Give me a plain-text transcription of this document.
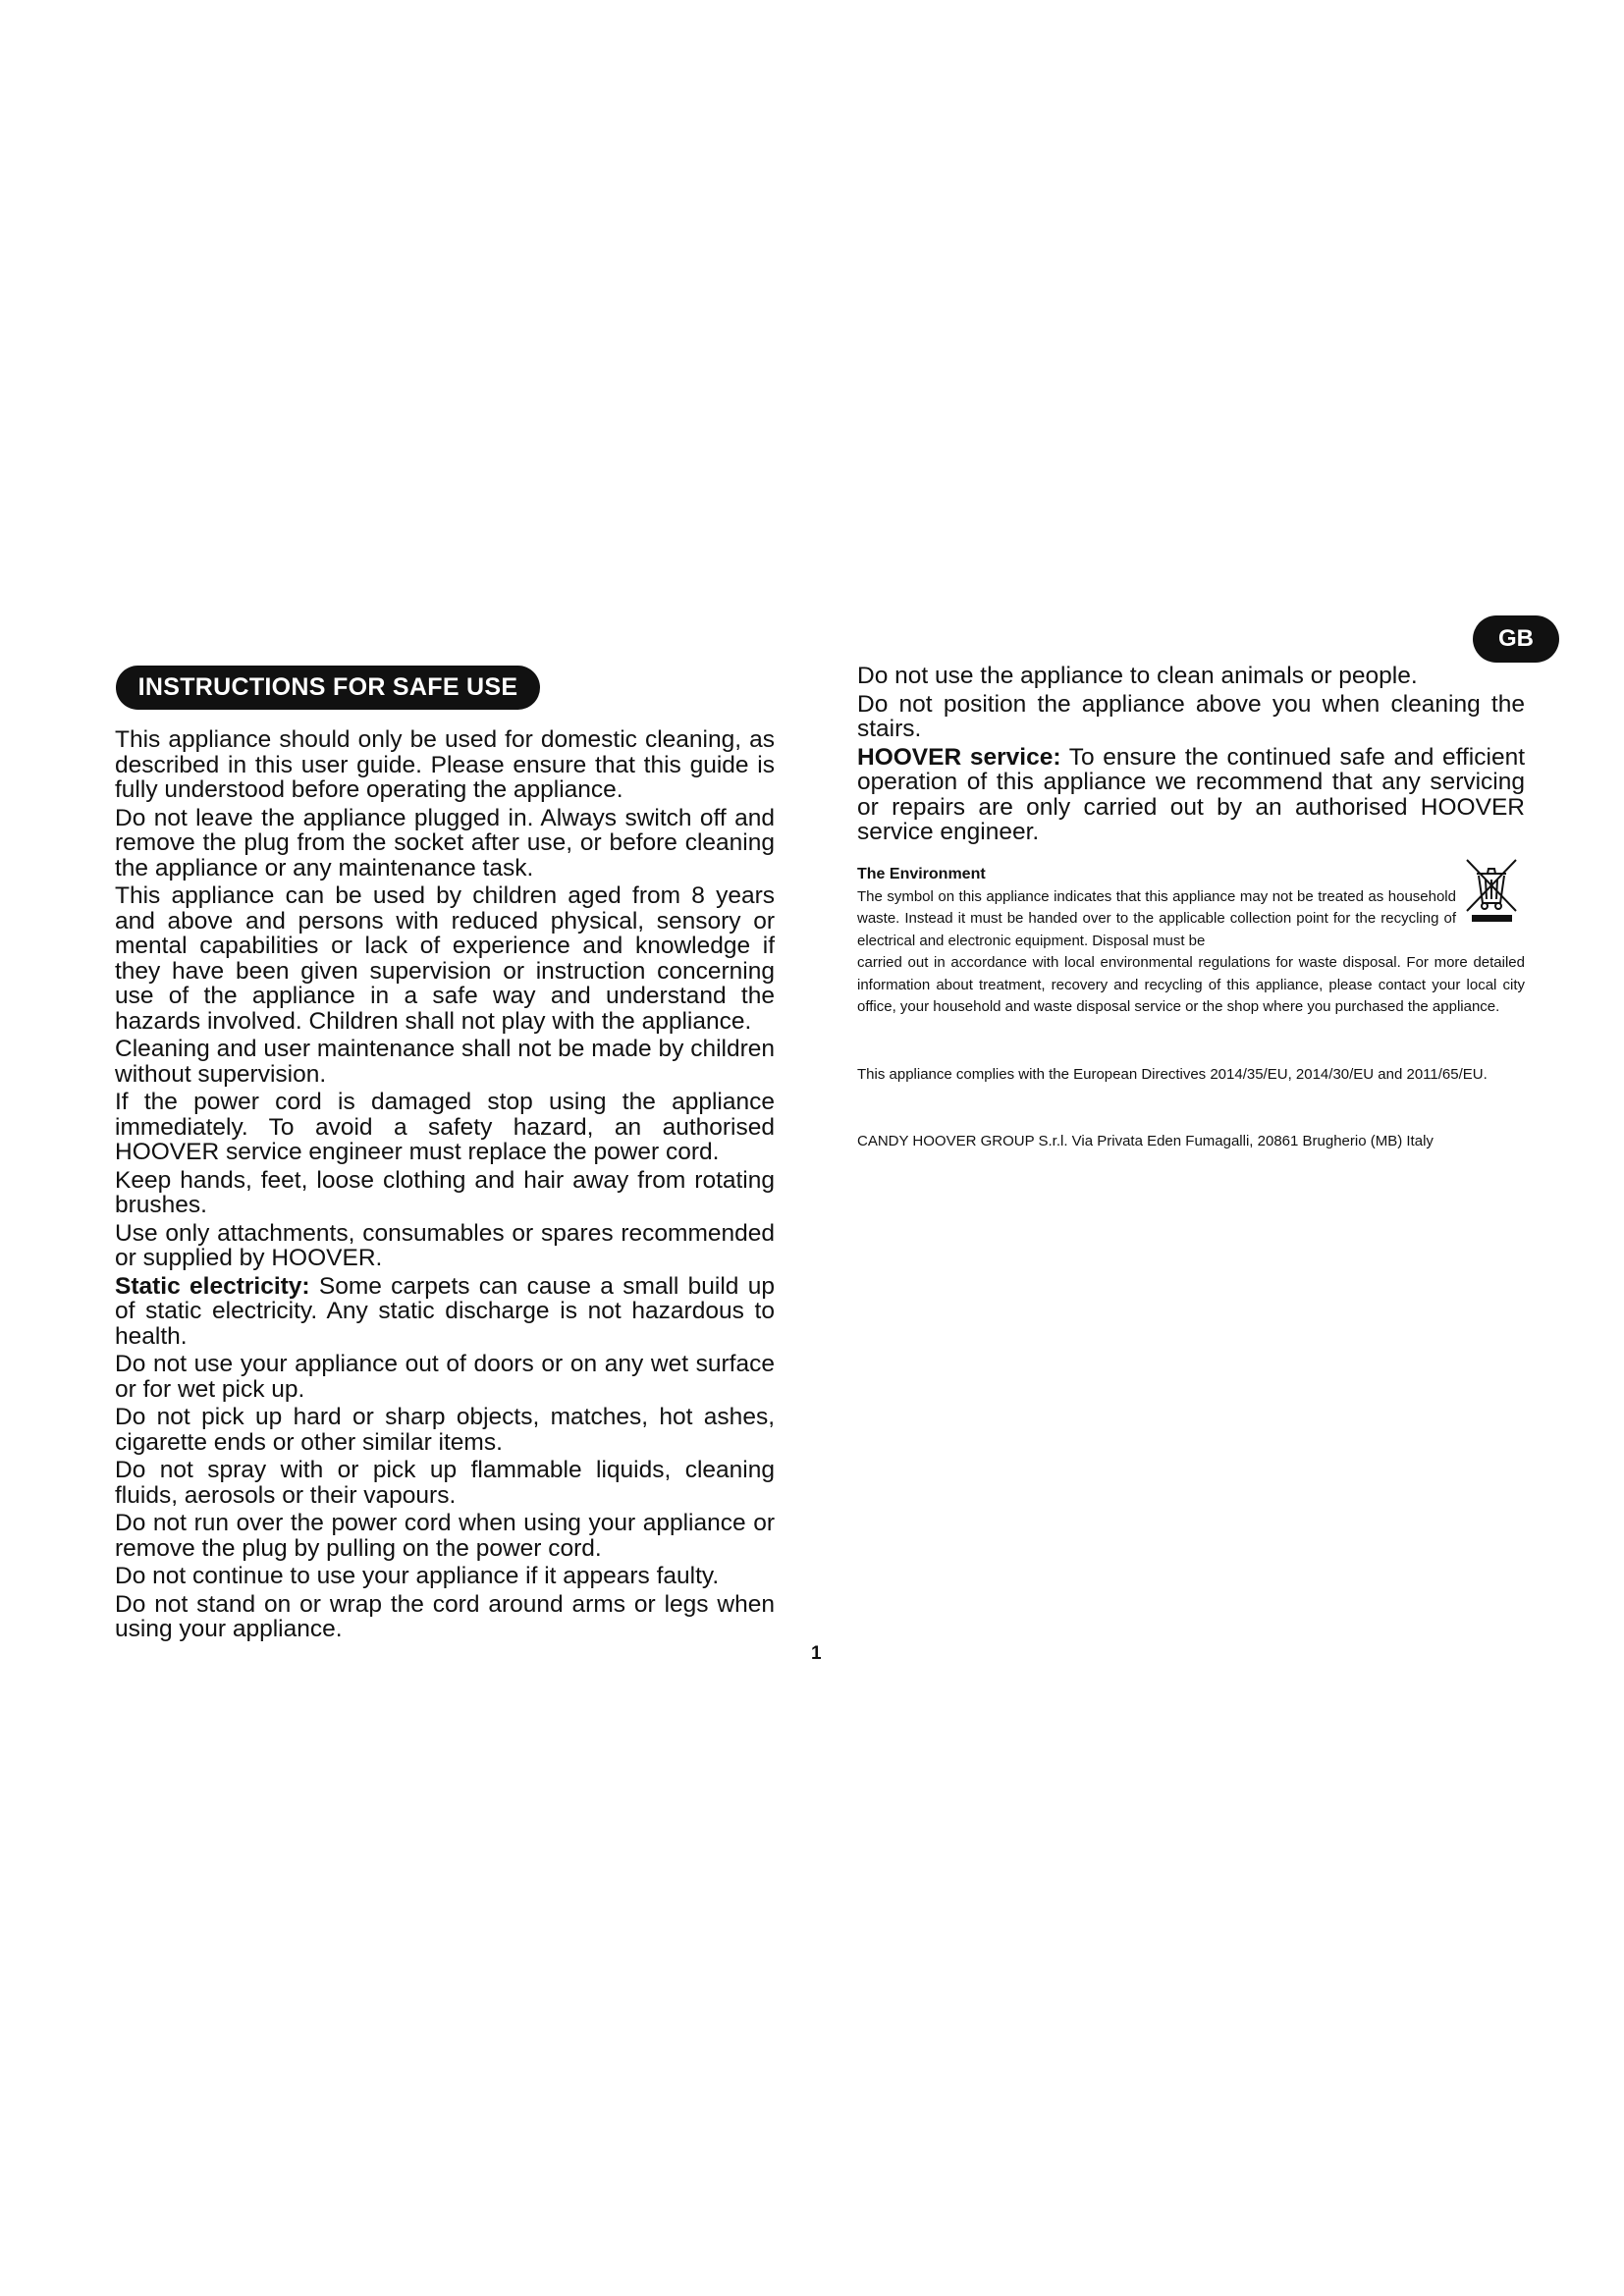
GB
INSTRUCTIONS FOR SAFE USE

This appliance should only be used for domestic cleaning, as described in this user guide. Please ensure that this guide is fully understood before operating the appliance.

Do not leave the appliance plugged in. Always switch off and remove the plug from the socket after use, or before cleaning the appliance or any maintenance task.

This appliance can be used by children aged from 8 years and above and persons with reduced physical, sensory or mental capabilities or lack of experience and knowledge if they have been given supervision or instruction concerning use of the appliance in a safe way and understand the hazards involved. Children shall not play with the appliance.

Cleaning and user maintenance shall not be made by children without supervision.

If the power cord is damaged stop using the appliance immediately. To avoid a safety hazard, an authorised HOOVER service engineer must replace the power cord.

Keep hands, feet, loose clothing and hair away from rotating brushes.

Use only attachments, consumables or spares recommended or supplied by HOOVER.

Static electricity: Some carpets can cause a small build up of static electricity. Any static discharge is not hazardous to health.

Do not use your appliance out of doors or on any wet surface or for wet pick up.

Do not pick up hard or sharp objects, matches, hot ashes, cigarette ends or other similar items.

Do not spray with or pick up flammable liquids, cleaning fluids, aerosols or their vapours.

Do not run over the power cord when using your appliance or remove the plug by pulling on the power cord.

Do not continue to use your appliance if it appears faulty.

Do not stand on or wrap the cord around arms or legs when using your appliance.

Do not use the appliance to clean animals or people.

Do not position the appliance above you when cleaning the stairs.

HOOVER service: To ensure the continued safe and efficient operation of this appliance we recommend that any servicing or repairs are only carried out by an authorised HOOVER service engineer.

The Environment

The symbol on this appliance indicates that this appliance may not be treated as household waste. Instead it must be handed over to the applicable collection point for the recycling of electrical and electronic equipment. Disposal must be
carried out in accordance with local environmental regulations for waste disposal. For more detailed information about treatment, recovery and recycling of this appliance, please contact your local city office, your household and waste disposal service or the shop where you purchased the appliance.

This appliance complies with the European Directives 2014/35/EU, 2014/30/EU and 2011/65/EU.

CANDY HOOVER GROUP S.r.l. Via Privata Eden Fumagalli, 20861 Brugherio (MB) Italy

1
